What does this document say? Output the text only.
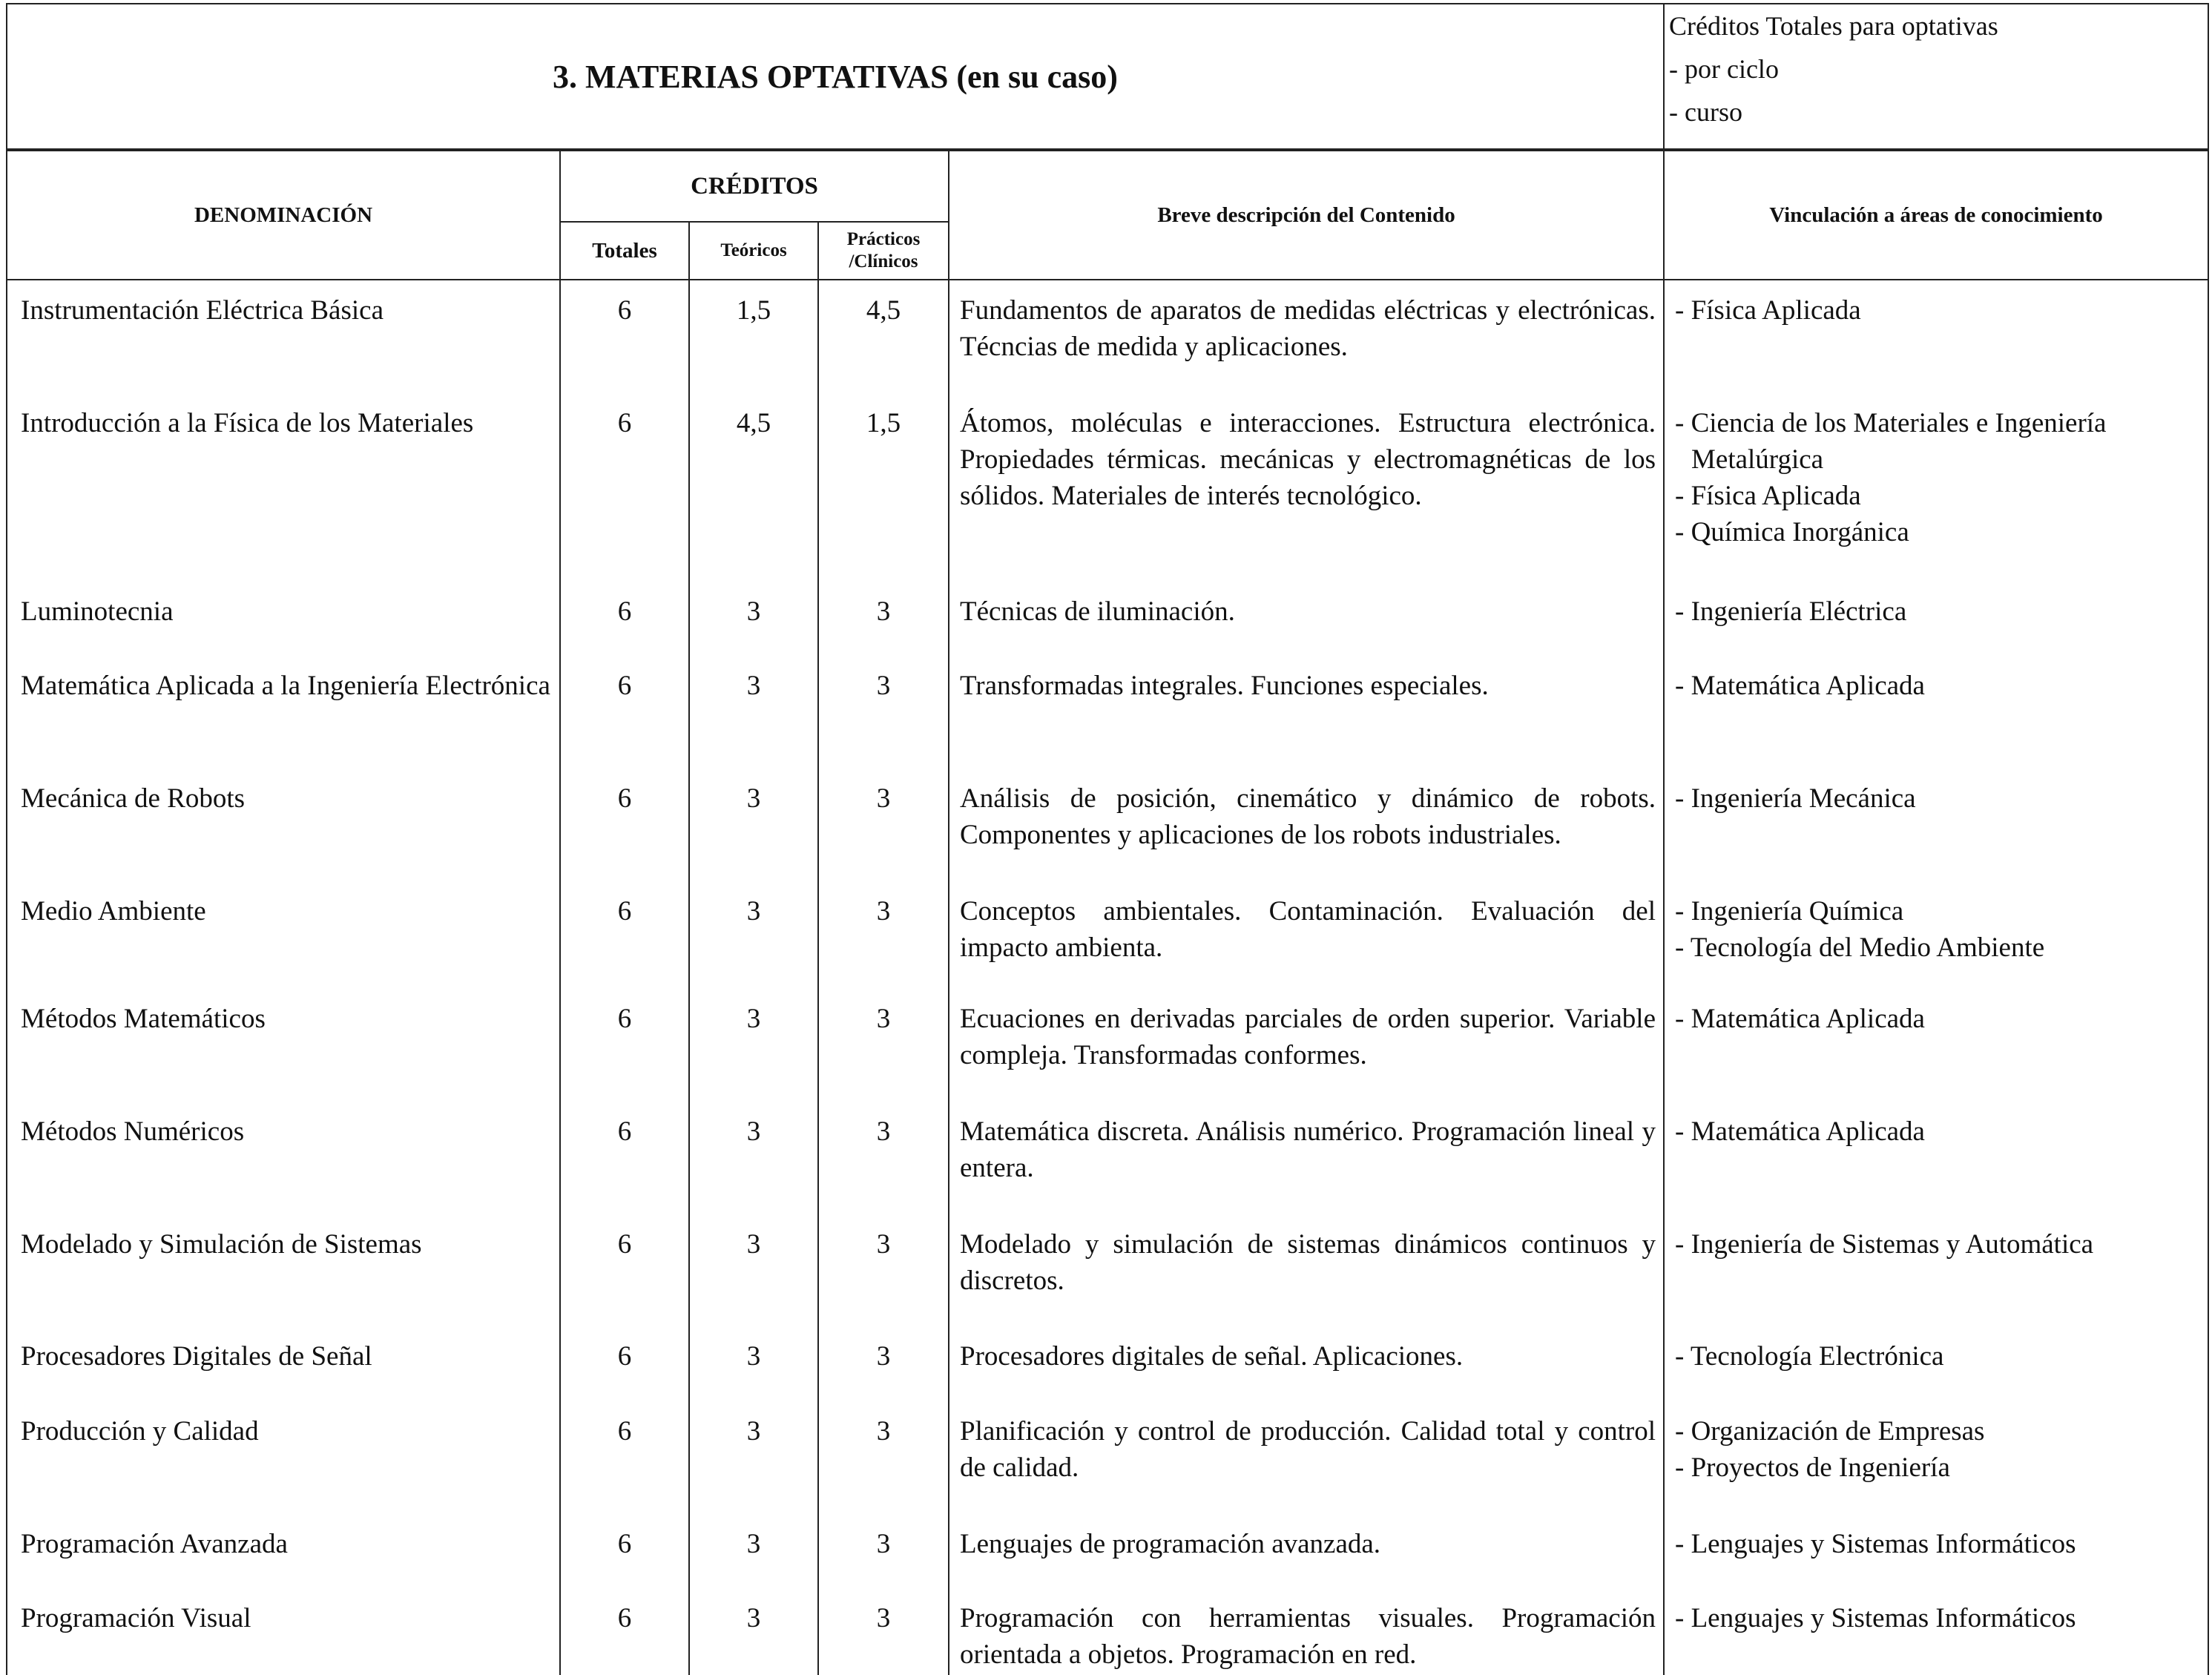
3. MATERIAS OPTATIVAS (en su caso)	
Créditos Totales para optativas
- por ciclo
- curso
DENOMINACIÓN	CRÉDITOS			Breve descripción del Contenido	Vinculación a áreas de conocimiento
	Totales	Teóricos	Prácticos
/Clínicos		
Instrumentación Eléctrica Básica	6	1,5	4,5	Fundamentos de aparatos de medidas eléctricas y electrónicas. Técncias de medida y aplicaciones.	- Física Aplicada

Introducción a la Física de los Materiales	6	4,5	1,5	Átomos, moléculas e interacciones. Estructura electrónica. Propiedades térmicas. mecánicas y electromagnéticas de los sólidos. Materiales de interés tecnológico.	- Ciencia de los Materiales e Ingeniería Metalúrgica
- Física Aplicada
- Química Inorgánica

Luminotecnia	6	3	3	Técnicas de iluminación.	- Ingeniería Eléctrica

Matemática Aplicada a la Ingeniería Electrónica	6	3	3	Transformadas integrales. Funciones especiales.	- Matemática Aplicada

Mecánica de Robots	6	3	3	Análisis de posición, cinemático y dinámico de robots. Componentes y aplicaciones de los robots industriales.	- Ingeniería Mecánica

Medio Ambiente	6	3	3	Conceptos ambientales. Contaminación. Evaluación del impacto ambienta.	- Ingeniería Química
- Tecnología del Medio Ambiente

Métodos Matemáticos	6	3	3	Ecuaciones en derivadas parciales de orden superior. Variable compleja. Transformadas conformes.	- Matemática Aplicada

Métodos Numéricos	6	3	3	Matemática discreta. Análisis numérico. Programación lineal y entera.	- Matemática Aplicada

Modelado y Simulación de Sistemas	6	3	3	Modelado y simulación de sistemas dinámicos continuos y discretos.	- Ingeniería de Sistemas y Automática

Procesadores Digitales de Señal	6	3	3	Procesadores digitales de señal. Aplicaciones.	- Tecnología Electrónica

Producción y Calidad	6	3	3	Planificación y control de producción. Calidad total y control de calidad.	- Organización de Empresas
- Proyectos de Ingeniería

Programación Avanzada	6	3	3	Lenguajes de programación avanzada.	- Lenguajes y Sistemas Informáticos

Programación Visual	6	3	3	Programación con herramientas visuales. Programación orientada a objetos. Programación en red.	- Lenguajes y Sistemas Informáticos
